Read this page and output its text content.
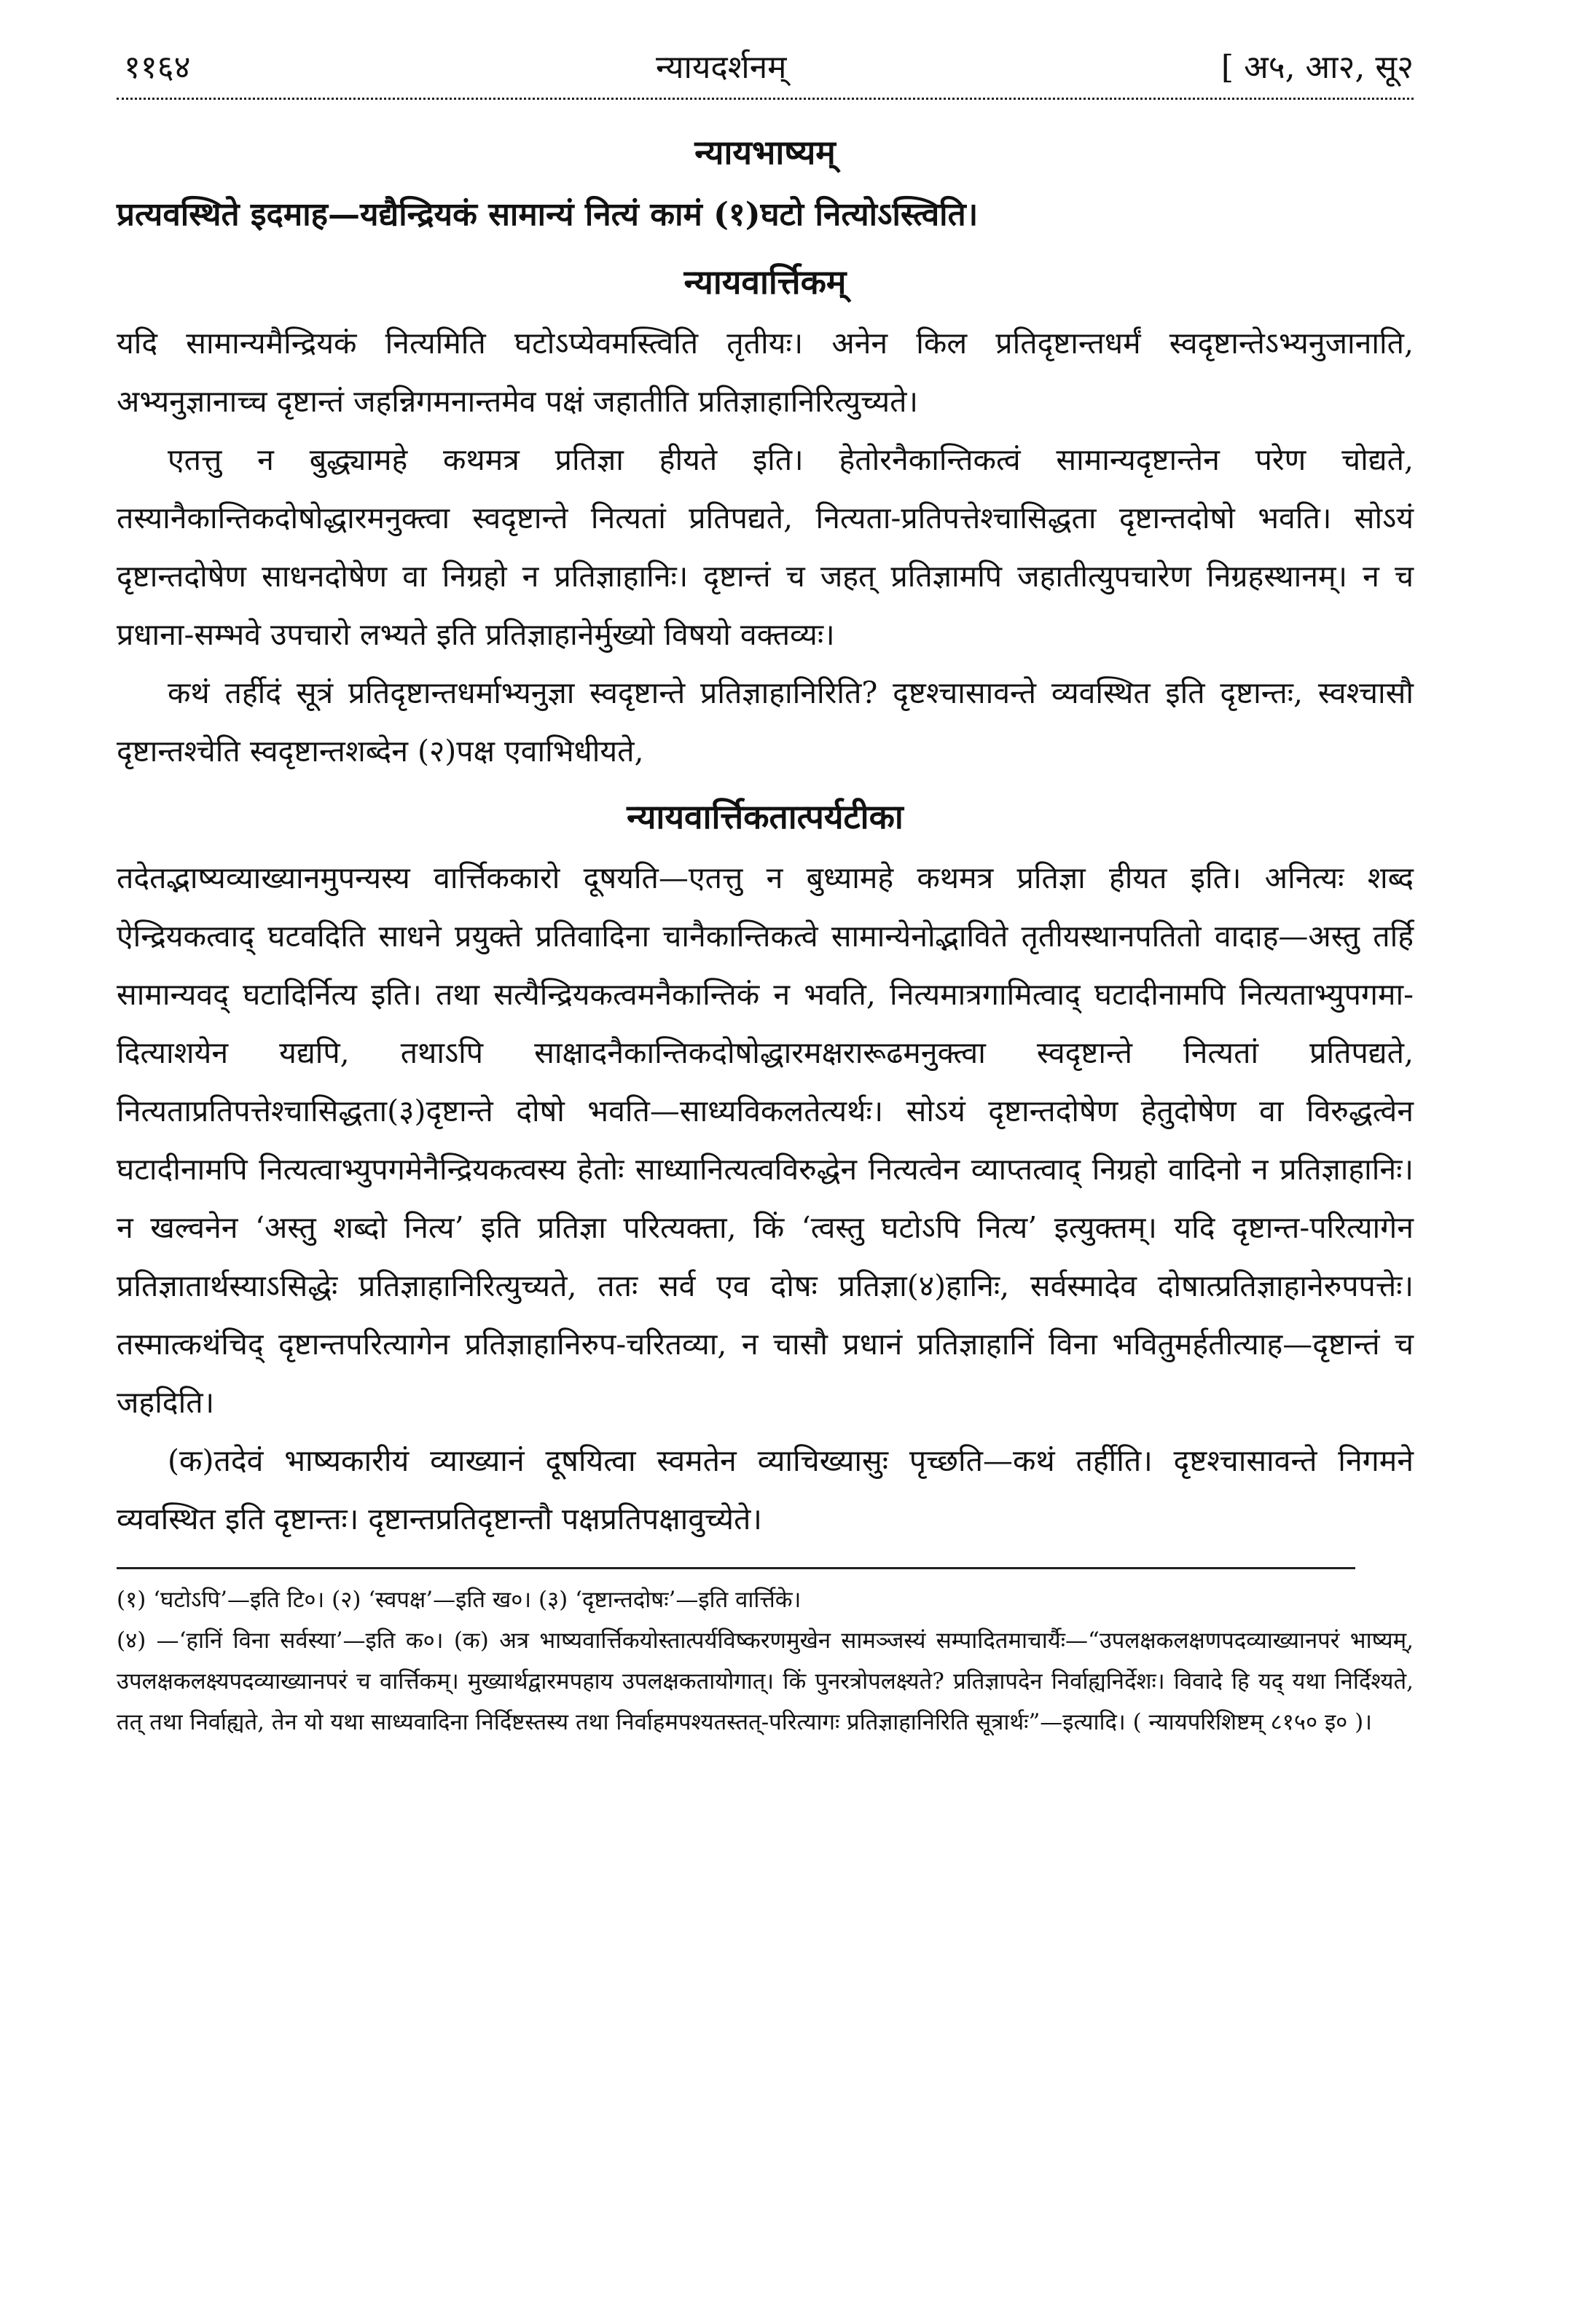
११६४	न्यायदर्शनम्	[ अ५, आ२, सू२
न्यायभाष्यम्

प्रत्यवस्थिते इदमाह—यद्यैन्द्रियकं सामान्यं नित्यं कामं (१)घटो नित्योऽस्त्विति।

न्यायवार्त्तिकम्

यदि सामान्यमैन्द्रियकं नित्यमिति घटोऽप्येवमस्त्विति तृतीयः। अनेन किल प्रतिदृष्टान्तधर्मं स्वदृष्टान्तेऽभ्यनुजानाति, अभ्यनुज्ञानाच्च दृष्टान्तं जहन्निगमनान्तमेव पक्षं जहातीति प्रतिज्ञाहानिरित्युच्यते।

एतत्तु न बुद्ध्यामहे कथमत्र प्रतिज्ञा हीयते इति। हेतोरनैकान्तिकत्वं सामान्यदृष्टान्तेन परेण चोद्यते, तस्यानैकान्तिकदोषोद्धारमनुक्त्वा स्वदृष्टान्ते नित्यतां प्रतिपद्यते, नित्यता-प्रतिपत्तेश्चासिद्धता दृष्टान्तदोषो भवति। सोऽयं दृष्टान्तदोषेण साधनदोषेण वा निग्रहो न प्रतिज्ञाहानिः। दृष्टान्तं च जहत् प्रतिज्ञामपि जहातीत्युपचारेण निग्रहस्थानम्। न च प्रधाना-सम्भवे उपचारो लभ्यते इति प्रतिज्ञाहानेर्मुख्यो विषयो वक्तव्यः।

कथं तर्हीदं सूत्रं प्रतिदृष्टान्तधर्माभ्यनुज्ञा स्वदृष्टान्ते प्रतिज्ञाहानिरिति? दृष्टश्चासावन्ते व्यवस्थित इति दृष्टान्तः, स्वश्चासौ दृष्टान्तश्चेति स्वदृष्टान्तशब्देन (२)पक्ष एवाभिधीयते,

न्यायवार्त्तिकतात्पर्यटीका

तदेतद्भाष्यव्याख्यानमुपन्यस्य वार्त्तिककारो दूषयति—एतत्तु न बुध्यामहे कथमत्र प्रतिज्ञा हीयत इति। अनित्यः शब्द ऐन्द्रियकत्वाद् घटवदिति साधने प्रयुक्ते प्रतिवादिना चानैकान्तिकत्वे सामान्येनोद्भाविते तृतीयस्थानपतितो वादाह—अस्तु तर्हि सामान्यवद् घटादिर्नित्य इति। तथा सत्यैन्द्रियकत्वमनैकान्तिकं न भवति, नित्यमात्रगामित्वाद् घटादीनामपि नित्यताभ्युपगमा-दित्याशयेन यद्यपि, तथाऽपि साक्षादनैकान्तिकदोषोद्धारमक्षरारूढमनुक्त्वा स्वदृष्टान्ते नित्यतां प्रतिपद्यते, नित्यताप्रतिपत्तेश्चासिद्धता(३)दृष्टान्ते दोषो भवति—साध्यविकलतेत्यर्थः। सोऽयं दृष्टान्तदोषेण हेतुदोषेण वा विरुद्धत्वेन घटादीनामपि नित्यत्वाभ्युपगमेनैन्द्रियकत्वस्य हेतोः साध्यानित्यत्वविरुद्धेन नित्यत्वेन व्याप्तत्वाद् निग्रहो वादिनो न प्रतिज्ञाहानिः। न खल्वनेन ‘अस्तु शब्दो नित्य’ इति प्रतिज्ञा परित्यक्ता, किं ‘त्वस्तु घटोऽपि नित्य’ इत्युक्तम्। यदि दृष्टान्त-परित्यागेन प्रतिज्ञातार्थस्याऽसिद्धेः प्रतिज्ञाहानिरित्युच्यते, ततः सर्व एव दोषः प्रतिज्ञा(४)हानिः, सर्वस्मादेव दोषात्प्रतिज्ञाहानेरुपपत्तेः। तस्मात्कथंचिद् दृष्टान्तपरित्यागेन प्रतिज्ञाहानिरुप-चरितव्या, न चासौ प्रधानं प्रतिज्ञाहानिं विना भवितुमर्हतीत्याह—दृष्टान्तं च जहदिति।

(क)तदेवं भाष्यकारीयं व्याख्यानं दूषयित्वा स्वमतेन व्याचिख्यासुः पृच्छति—कथं तर्हीति। दृष्टश्चासावन्ते निगमने व्यवस्थित इति दृष्टान्तः। दृष्टान्तप्रतिदृष्टान्तौ पक्षप्रतिपक्षावुच्येते।

(१) ‘घटोऽपि’—इति टि०। (२) ‘स्वपक्ष’—इति ख०। (३) ‘दृष्टान्तदोषः’—इति वार्त्तिके।

(४) —‘हानिं विना सर्वस्या’—इति क०। (क) अत्र भाष्यवार्त्तिकयोस्तात्पर्यविष्करणमुखेन सामञ्जस्यं सम्पादितमाचार्यैः—“उपलक्षकलक्षणपदव्याख्यानपरं भाष्यम्, उपलक्षकलक्ष्यपदव्याख्यानपरं च वार्त्तिकम्। मुख्यार्थद्वारमपहाय उपलक्षकतायोगात्। किं पुनरत्रोपलक्ष्यते? प्रतिज्ञापदेन निर्वाह्यनिर्देशः। विवादे हि यद् यथा निर्दिश्यते, तत् तथा निर्वाह्यते, तेन यो यथा साध्यवादिना निर्दिष्टस्तस्य तथा निर्वाहमपश्यतस्तत्-परित्यागः प्रतिज्ञाहानिरिति सूत्रार्थः”—इत्यादि। ( न्यायपरिशिष्टम् ८१५० इ० )।
